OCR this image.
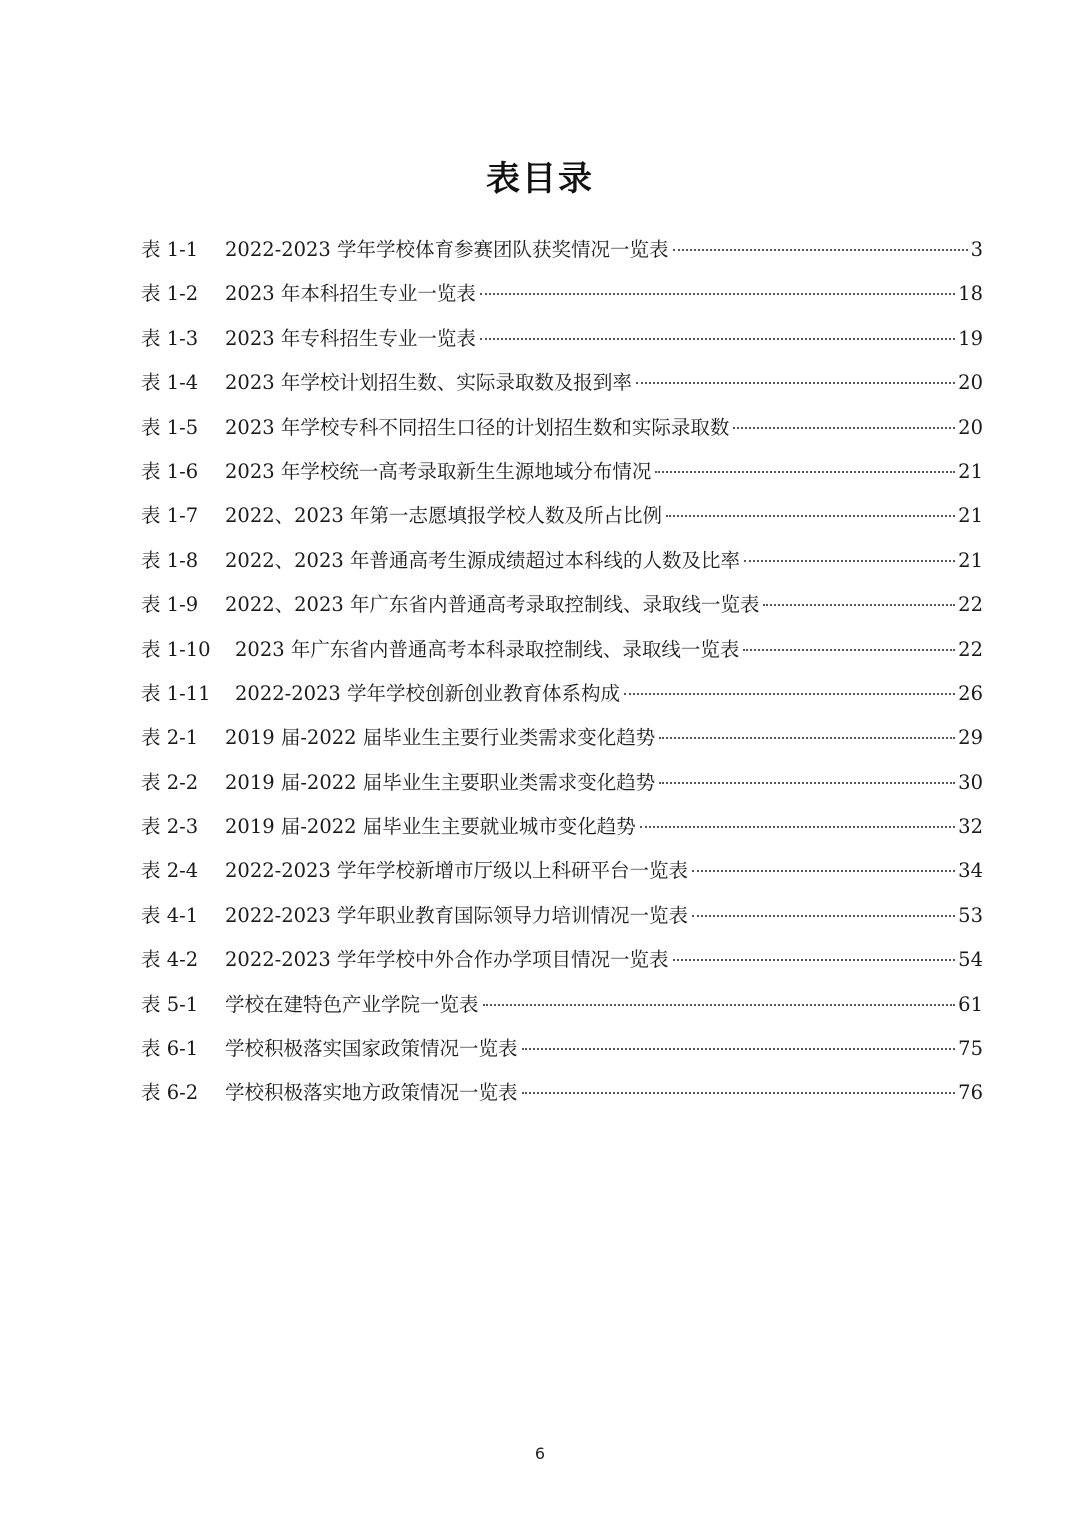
表目录
表 1-1	2022-2023 学年学校体育参赛团队获奖情况一览表	3
表 1-2	2023 年本科招生专业一览表	18
表 1-3	2023 年专科招生专业一览表	19
表 1-4	2023 年学校计划招生数、实际录取数及报到率	20
表 1-5	2023 年学校专科不同招生口径的计划招生数和实际录取数	20
表 1-6	2023 年学校统一高考录取新生生源地域分布情况	21
表 1-7	2022、2023 年第一志愿填报学校人数及所占比例	21
表 1-8	2022、2023 年普通高考生源成绩超过本科线的人数及比率	21
表 1-9	2022、2023 年广东省内普通高考录取控制线、录取线一览表	22
表 1-10	2023 年广东省内普通高考本科录取控制线、录取线一览表	22
表 1-11	2022-2023 学年学校创新创业教育体系构成	26
表 2-1	2019 届-2022 届毕业生主要行业类需求变化趋势	29
表 2-2	2019 届-2022 届毕业生主要职业类需求变化趋势	30
表 2-3	2019 届-2022 届毕业生主要就业城市变化趋势	32
表 2-4	2022-2023 学年学校新增市厅级以上科研平台一览表	34
表 4-1	2022-2023 学年职业教育国际领导力培训情况一览表	53
表 4-2	2022-2023 学年学校中外合作办学项目情况一览表	54
表 5-1	学校在建特色产业学院一览表	61
表 6-1	学校积极落实国家政策情况一览表	75
表 6-2	学校积极落实地方政策情况一览表	76
6
